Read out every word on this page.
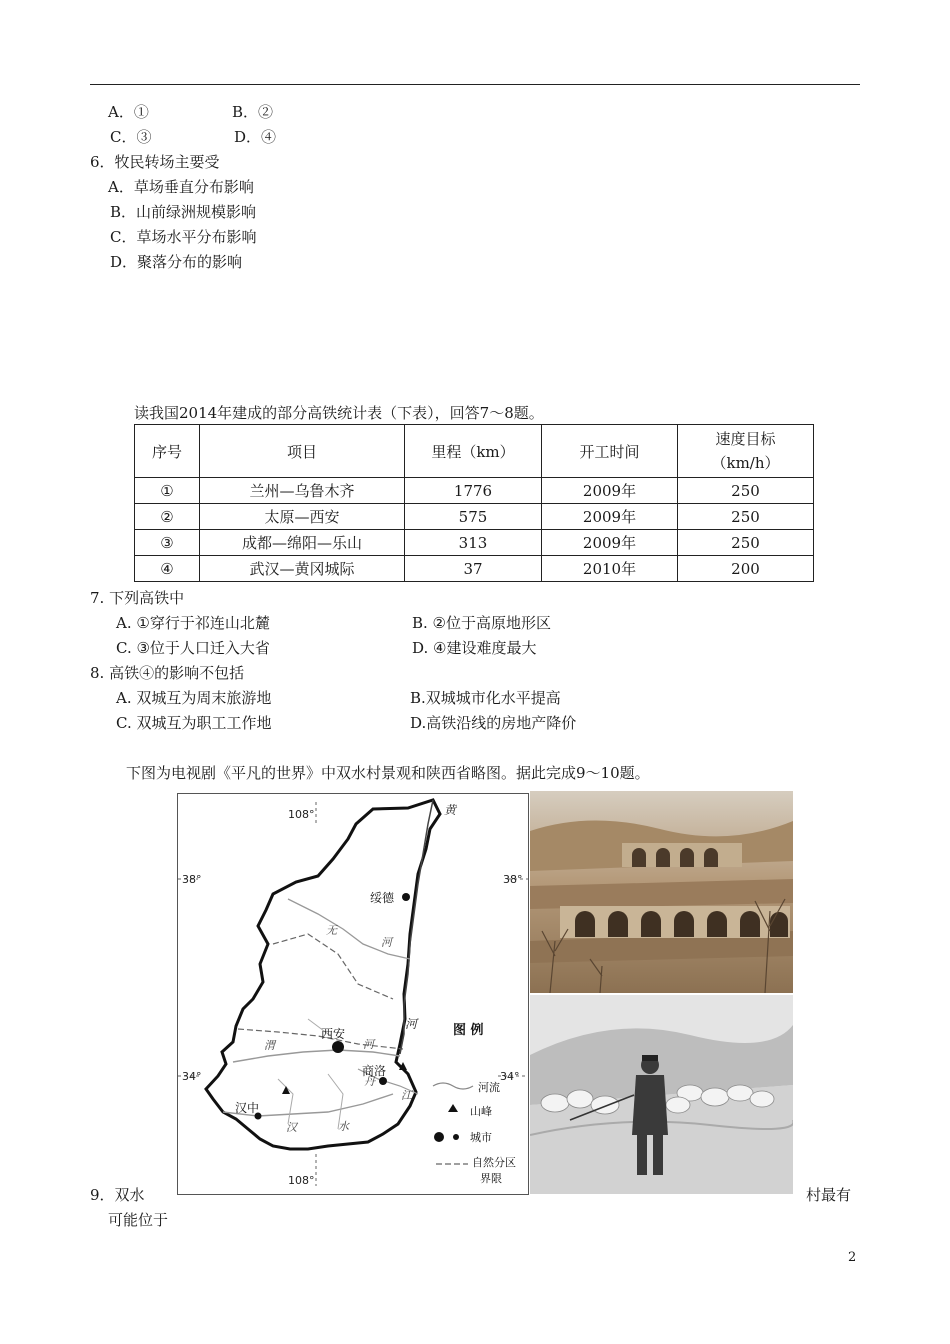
A．①	B．②
C．③	D．④
6．牧民转场主要受
A．草场垂直分布影响
B．山前绿洲规模影响
C．草场水平分布影响
D．聚落分布的影响
读我国2014年建成的部分高铁统计表（下表），回答7～8题。
序号	项目	里程（km）	开工时间	速度目标
（km/h）

①	兰州—乌鲁木齐	1776	2009年	250
②	太原—西安	575	2009年	250
③	成都—绵阳—乐山	313	2009年	250
④	武汉—黄冈城际	37	2010年	200
7. 下列高铁中
A. ①穿行于祁连山北麓	B. ②位于高原地形区
C. ③位于人口迁入大省	D. ④建设难度最大
8. 高铁④的影响不包括
A. 双城互为周末旅游地	B.双城城市化水平提高
C. 双城互为职工工作地	D.高铁沿线的房地产降价
下图为电视剧《平凡的世界》中双水村景观和陕西省略图。据此完成9～10题。
108°
108°
38°	38°
34°	34°
黄
河
无
河
渭	河
汉	水
丹
江
绥德
西安
商洛
汉中
图 例
河流
山峰
城市
自然分区
界限
9．双水	村最有
可能位于
2
